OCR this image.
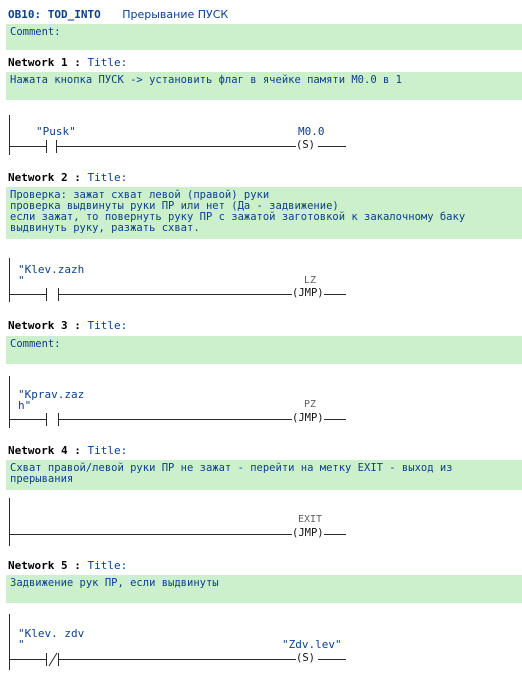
OB10: TOD_INTO Прерывание ПУСК
Comment:
Network 1 : Title:
Нажата кнопка ПУСК -> установить флаг в ячейке памяти M0.0 в 1
"Pusk"	M0.0
(S)
Network 2 : Title:
Проверка: зажат схват левой (правой) руки
проверка выдвинуты руки ПР или нет (Да - задвижение)
если зажат, то повернуть руку ПР с зажатой заготовкой к закалочному баку
выдвинуть руку, разжать схват.
"Klev.zazh
"	LZ
(JMP)
Network 3 : Title:
Comment:
"Kprav.zaz
h"	PZ
(JMP)
Network 4 : Title:
Схват правой/левой руки ПР не зажат - перейти на метку EXIT - выход из
прерывания
EXIT
(JMP)
Network 5 : Title:
Задвижение рук ПР, если выдвинуты
"Klev. zdv
"	"Zdv.lev"
(S)
